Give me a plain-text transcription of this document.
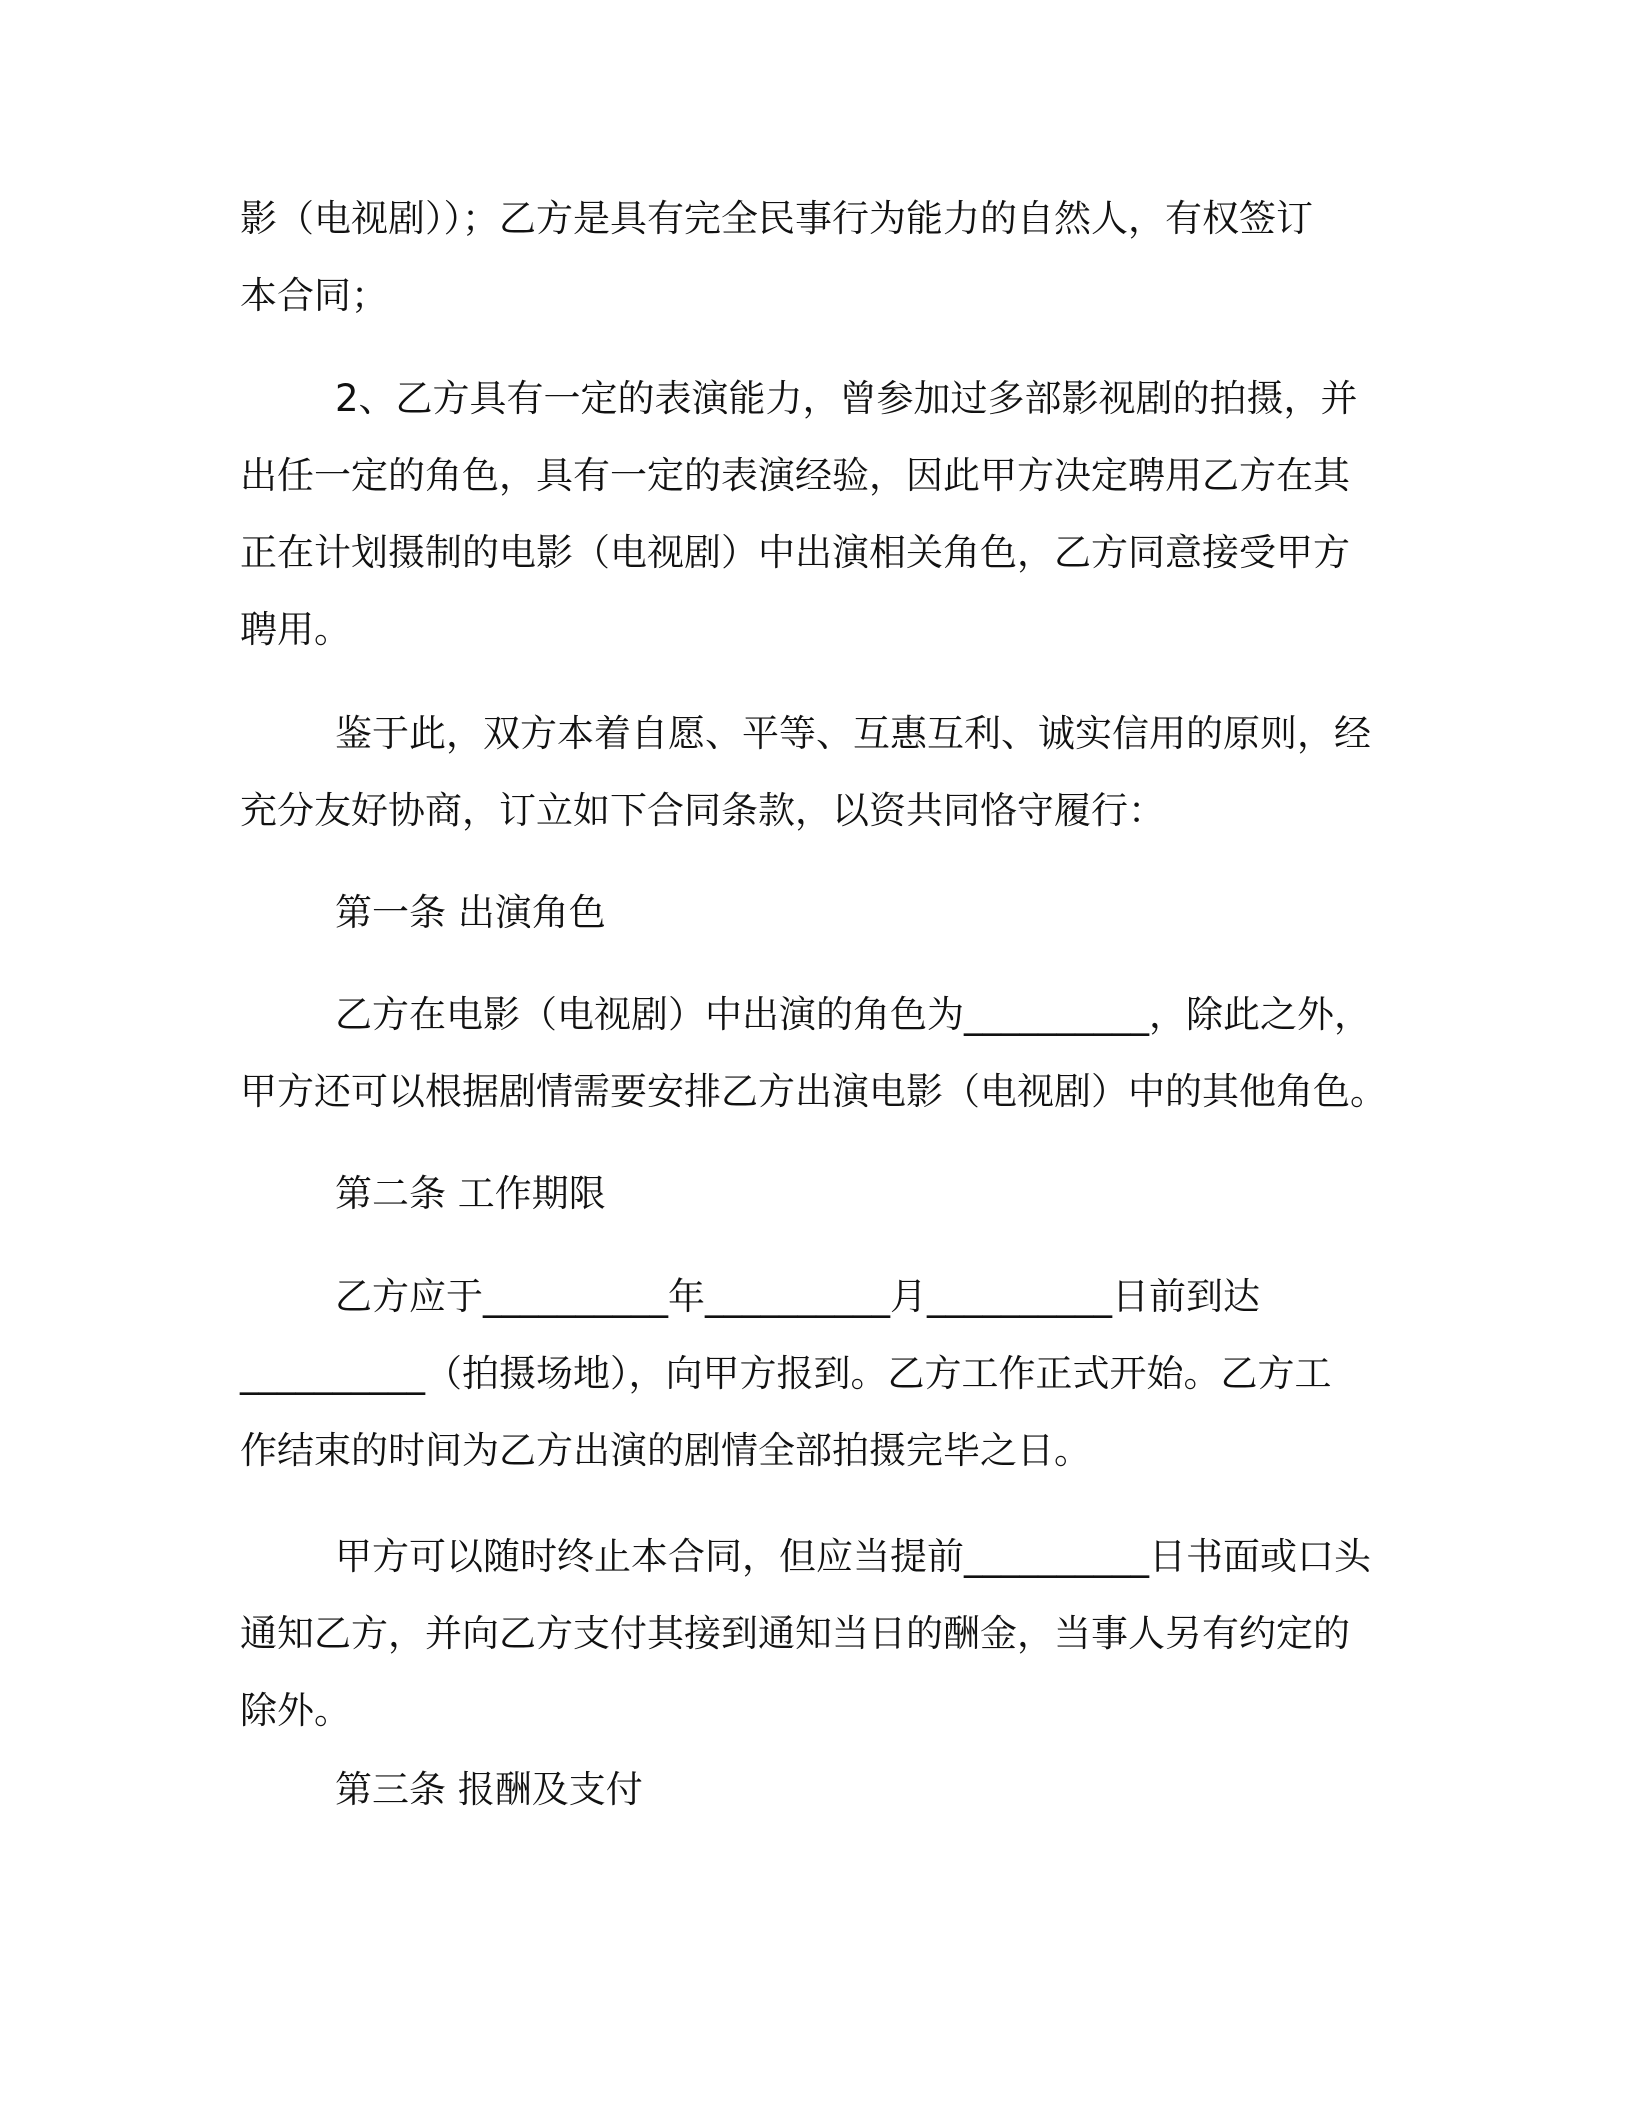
影（电视剧））；乙方是具有完全民事行为能力的自然人，有权签订
本合同；
2、乙方具有一定的表演能力，曾参加过多部影视剧的拍摄，并
出任一定的角色，具有一定的表演经验，因此甲方决定聘用乙方在其
正在计划摄制的电影（电视剧）中出演相关角色，乙方同意接受甲方
聘用。
鉴于此，双方本着自愿、平等、互惠互利、诚实信用的原则，经
充分友好协商，订立如下合同条款，以资共同恪守履行：
第一条 出演角色
乙方在电影（电视剧）中出演的角色为__________，除此之外，
甲方还可以根据剧情需要安排乙方出演电影（电视剧）中的其他角色。
第二条 工作期限
乙方应于__________年__________月__________日前到达
__________（拍摄场地），向甲方报到。乙方工作正式开始。乙方工
作结束的时间为乙方出演的剧情全部拍摄完毕之日。
甲方可以随时终止本合同，但应当提前__________日书面或口头
通知乙方，并向乙方支付其接到通知当日的酬金，当事人另有约定的
除外。
第三条 报酬及支付
